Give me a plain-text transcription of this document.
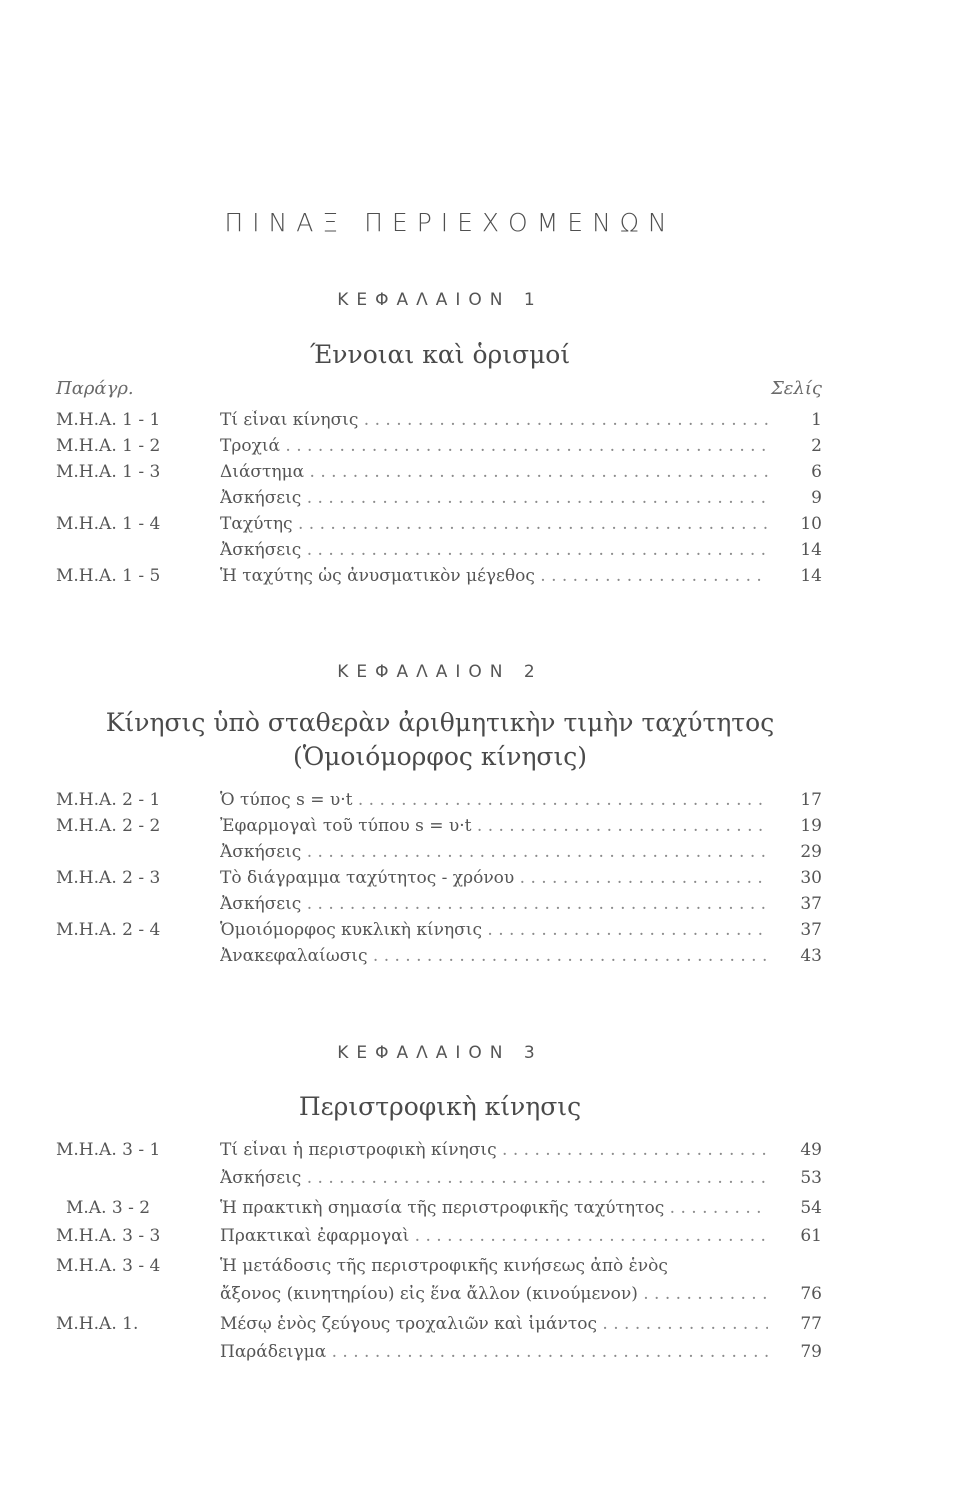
ΠΙΝΑΞ ΠΕΡΙΕΧΟΜΕΝΩΝ
ΚΕΦΑΛΑΙΟΝ 1
Έννοιαι καὶ ὁρισμοί
Παράγρ.	Σελίς
Μ.Η.Α. 1 - 1	Τί εἶναι κίνησις . . .	1
Μ.Η.Α. 1 - 2	Τροχιά . . .	2
Μ.Η.Α. 1 - 3	Διάστημα . . .	6
Ἀσκήσεις . . .	9
Μ.Η.Α. 1 - 4	Ταχύτης . . .	10
Ἀσκήσεις . . .	14
Μ.Η.Α. 1 - 5	Ἡ ταχύτης ὡς ἀνυσματικὸν μέγεθος . . .	14
ΚΕΦΑΛΑΙΟΝ 2
Κίνησις ὑπὸ σταθερὰν ἀριθμητικὴν τιμὴν ταχύτητος
(Ὁμοιόμορφος κίνησις)
Μ.Η.Α. 2 - 1	Ὁ τύπος s = υ·t . . .	17
Μ.Η.Α. 2 - 2	Ἐφαρμογαὶ τοῦ τύπου s = υ·t . . .	19
Ἀσκήσεις . . .	29
Μ.Η.Α. 2 - 3	Τὸ διάγραμμα ταχύτητος - χρόνου . . .	30
Ἀσκήσεις . . .	37
Μ.Η.Α. 2 - 4	Ὁμοιόμορφος κυκλικὴ κίνησις . . .	37
Ἀνακεφαλαίωσις . . .	43
ΚΕΦΑΛΑΙΟΝ 3
Περιστροφικὴ κίνησις
Μ.Η.Α. 3 - 1	Τί εἶναι ἡ περιστροφικὴ κίνησις . . .	49
Ἀσκήσεις . . .	53
Μ.Α. 3 - 2	Ἡ πρακτικὴ σημασία τῆς περιστροφικῆς ταχύτητος . . .	54
Μ.Η.Α. 3 - 3	Πρακτικαὶ ἐφαρμογαὶ . . .	61
Μ.Η.Α. 3 - 4	Ἡ μετάδοσις τῆς περιστροφικῆς κινήσεως ἀπὸ ἑνὸς
ἄξονος (κινητηρίου) εἰς ἕνα ἄλλον (κινούμενον) . . .	76
Μ.Η.Α. 1.	Μέσῳ ἑνὸς ζεύγους τροχαλιῶν καὶ ἱμάντος . . .	77
Παράδειγμα . . .	79
